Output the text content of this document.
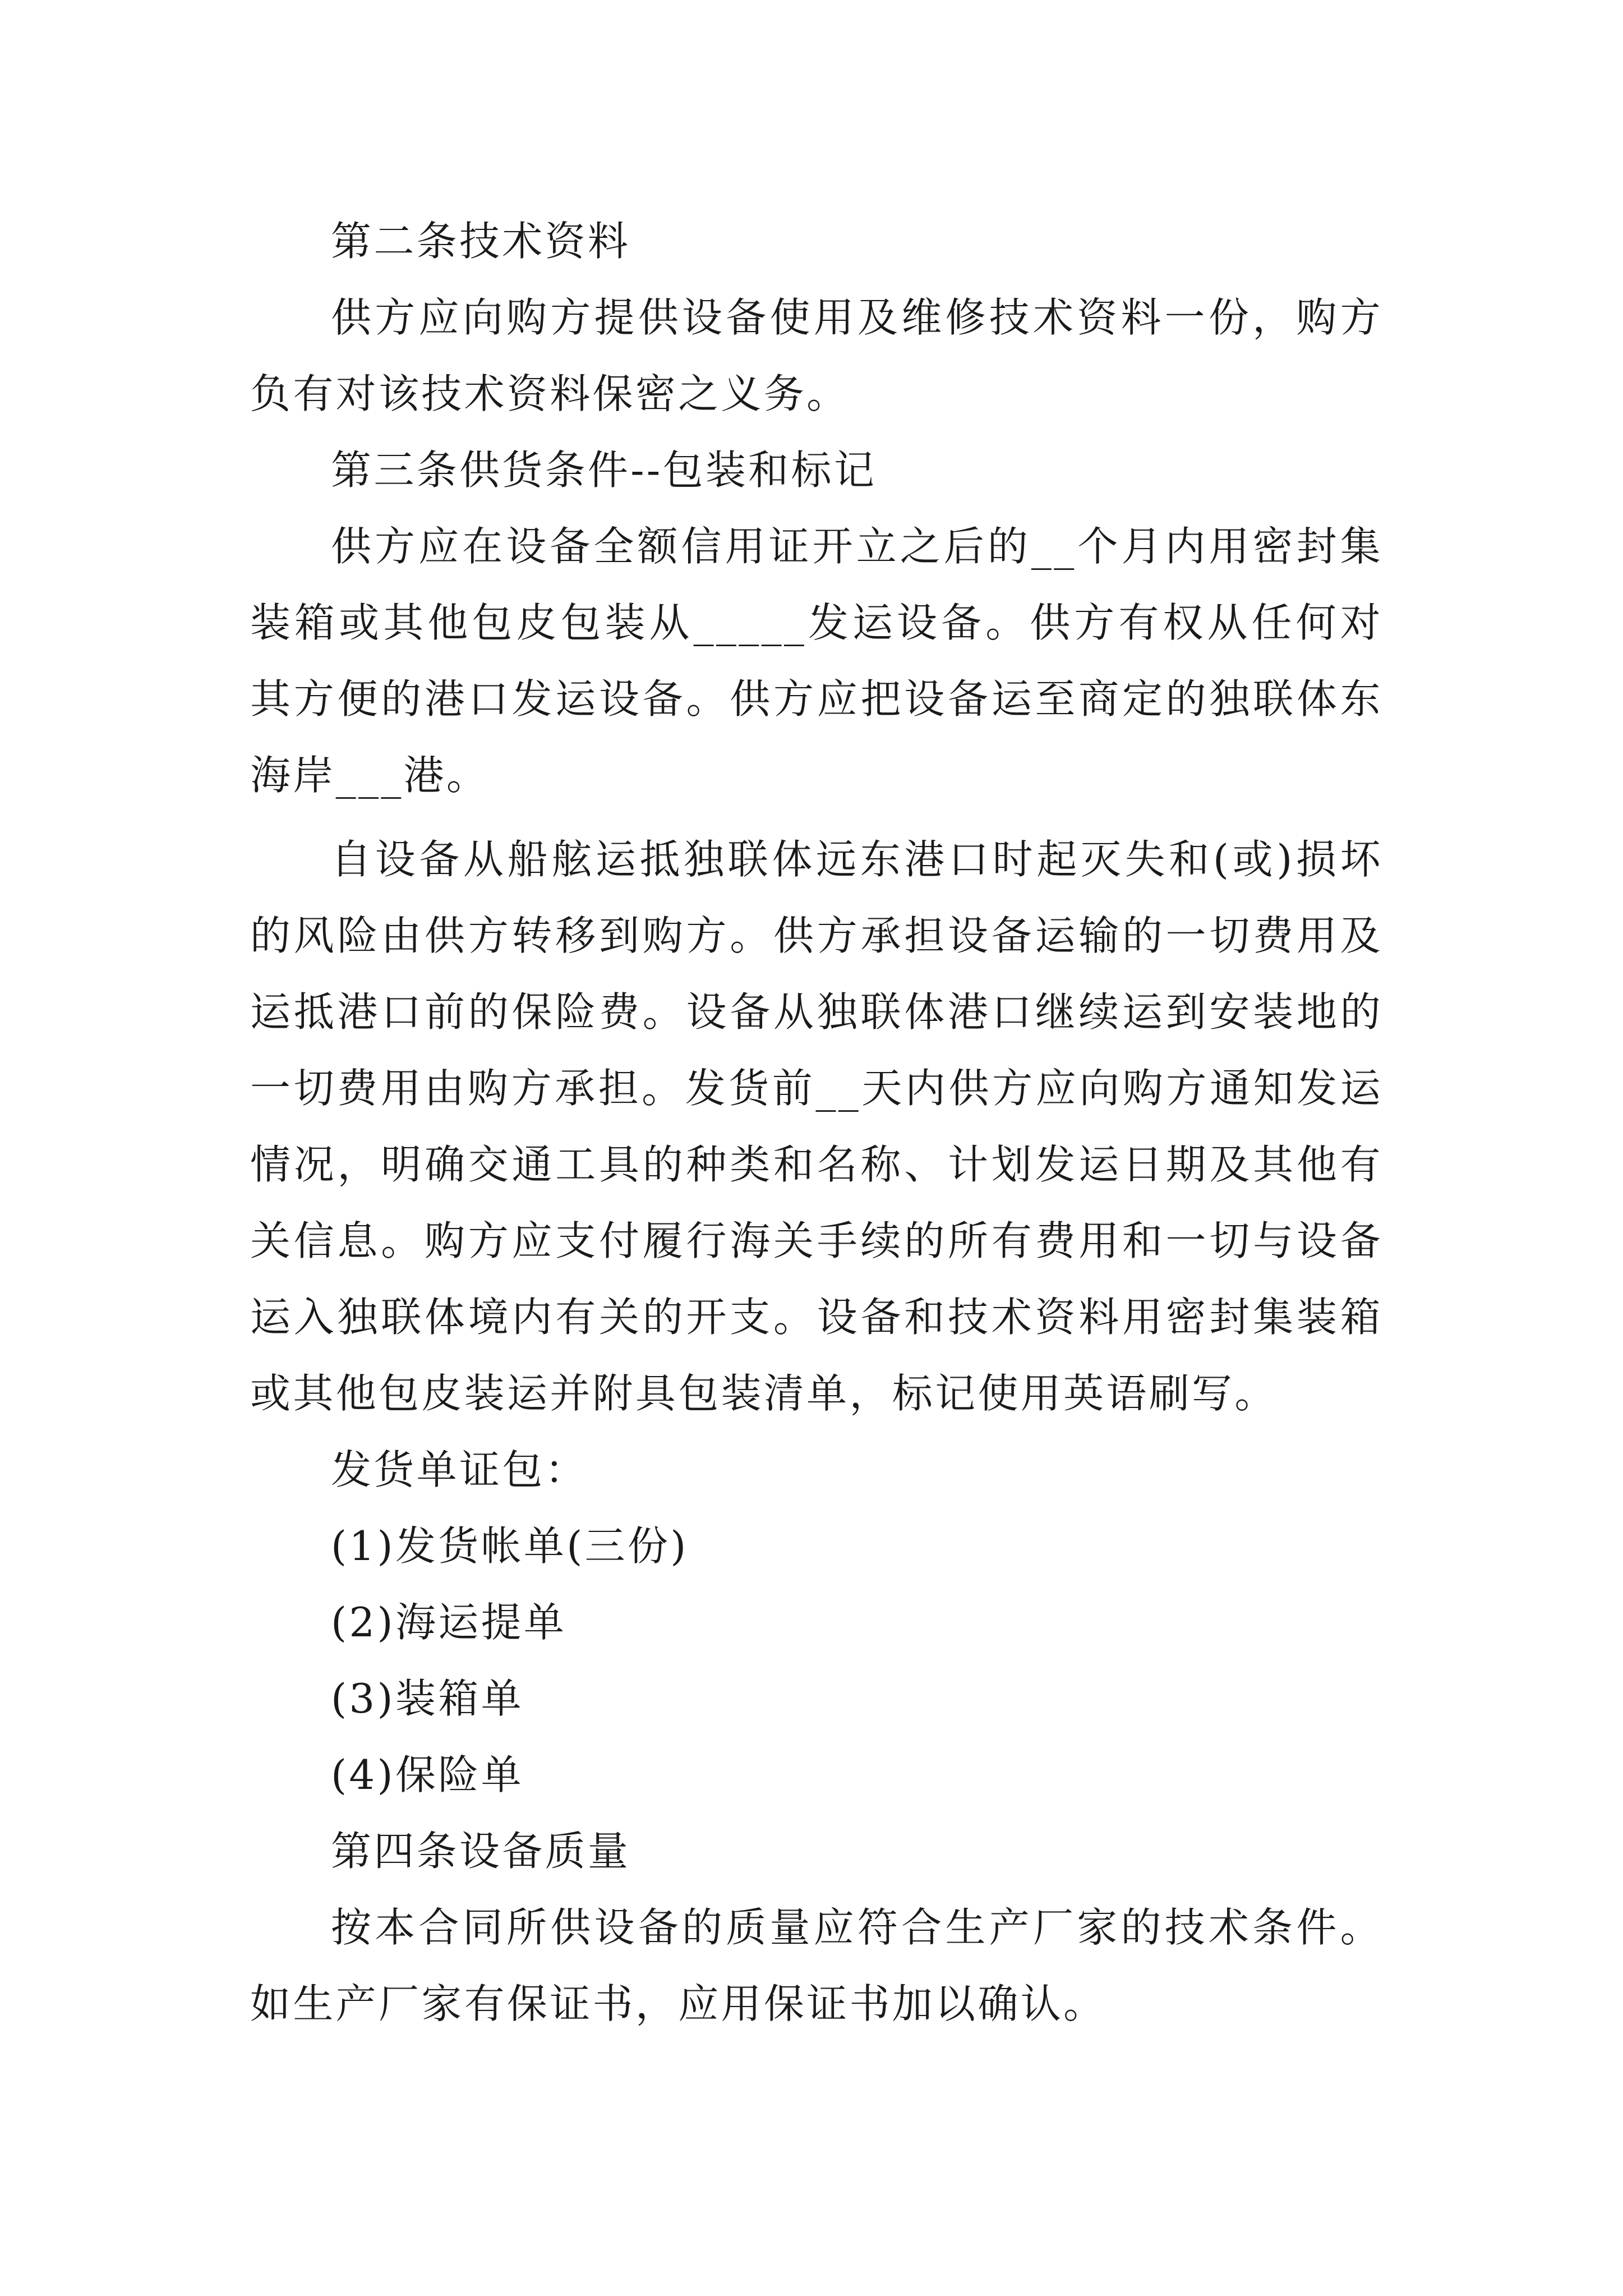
第二条技术资料

供方应向购方提供设备使用及维修技术资料一份，购方负有对该技术资料保密之义务。

第三条供货条件--包装和标记

供方应在设备全额信用证开立之后的__个月内用密封集装箱或其他包皮包装从_____发运设备。供方有权从任何对其方便的港口发运设备。供方应把设备运至商定的独联体东海岸___港。

自设备从船舷运抵独联体远东港口时起灭失和(或)损坏的风险由供方转移到购方。供方承担设备运输的一切费用及运抵港口前的保险费。设备从独联体港口继续运到安装地的一切费用由购方承担。发货前__天内供方应向购方通知发运情况，明确交通工具的种类和名称、计划发运日期及其他有关信息。购方应支付履行海关手续的所有费用和一切与设备运入独联体境内有关的开支。设备和技术资料用密封集装箱或其他包皮装运并附具包装清单，标记使用英语刷写。

发货单证包：

(1)发货帐单(三份)

(2)海运提单

(3)装箱单

(4)保险单

第四条设备质量

按本合同所供设备的质量应符合生产厂家的技术条件。如生产厂家有保证书，应用保证书加以确认。
